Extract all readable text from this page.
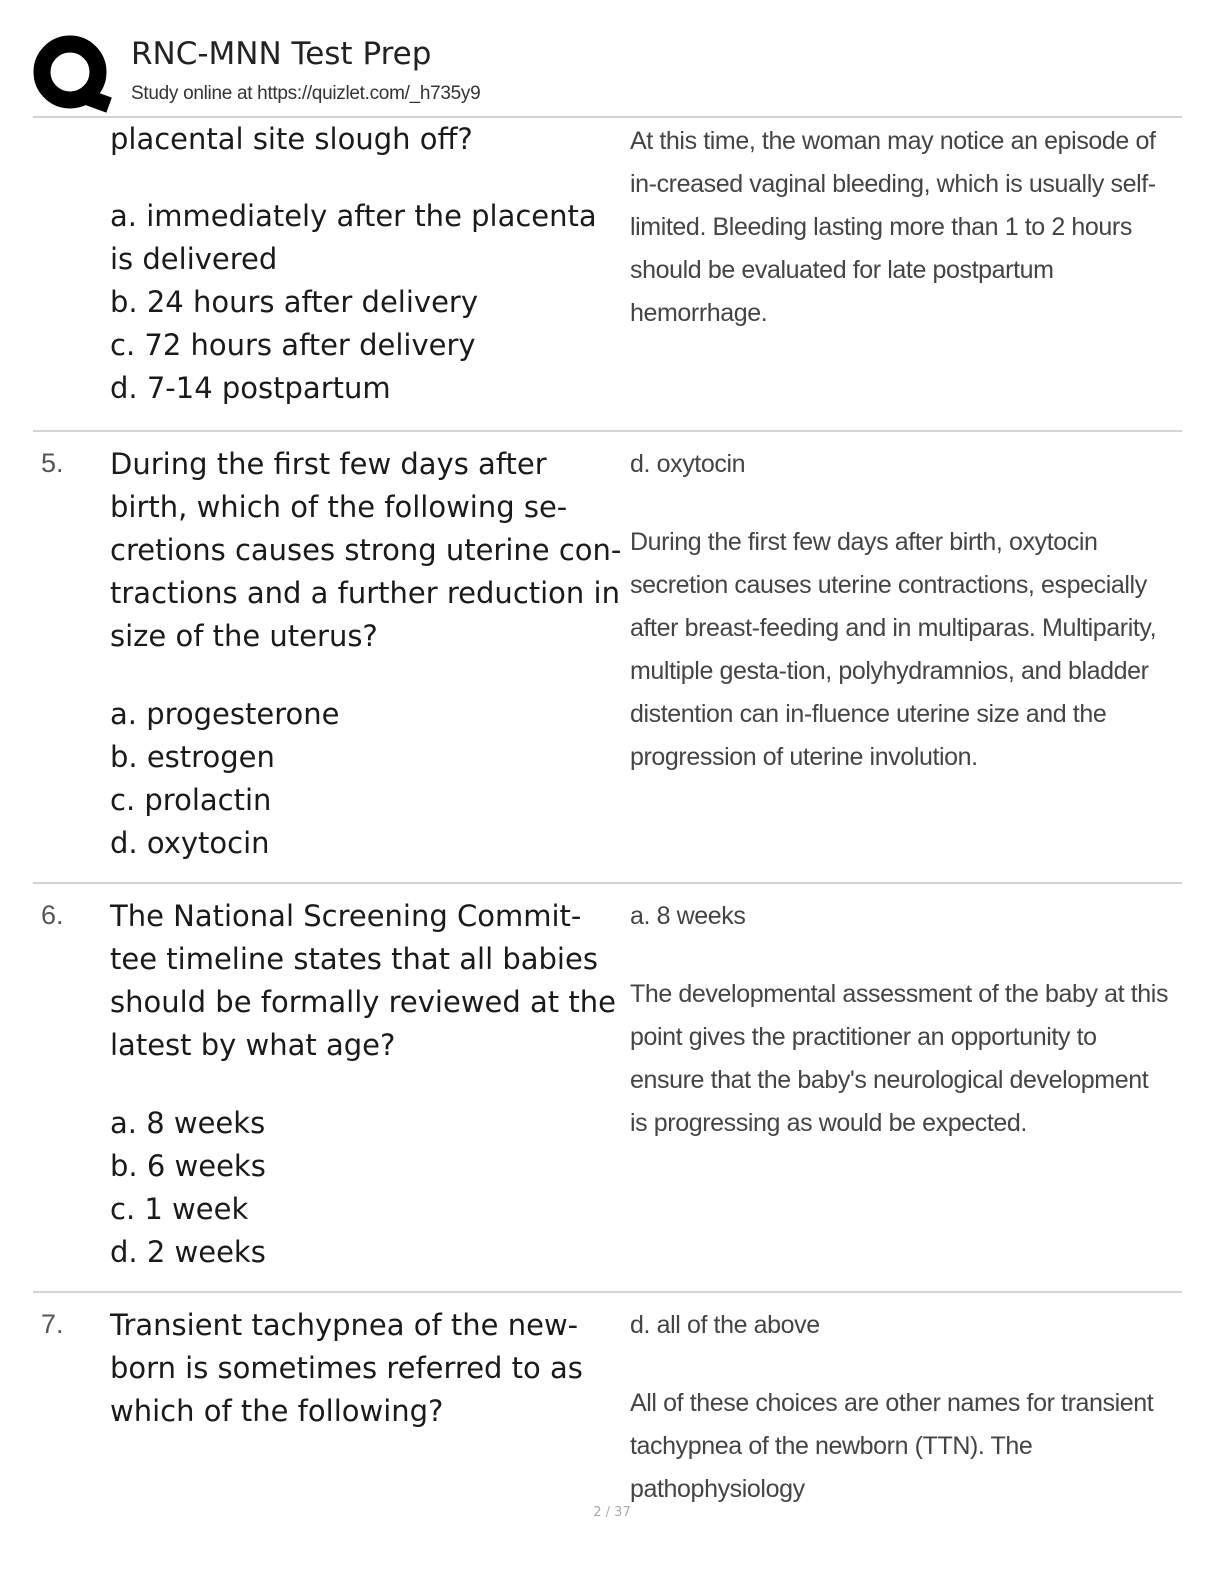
RNC-MNN Test Prep
Study online at https://quizlet.com/_h735y9

placental site slough off?

a. immediately after the placenta is delivered
b. 24 hours after delivery
c. 72 hours after delivery
d. 7-14 postpartum

At this time, the woman may notice an episode of in-creased vaginal bleeding, which is usually self-limited. Bleeding lasting more than 1 to 2 hours should be evaluated for late postpartum hemorrhage.

5. During the first few days after birth, which of the following se-cretions causes strong uterine con-tractions and a further reduction in size of the uterus?

a. progesterone
b. estrogen
c. prolactin
d. oxytocin

d. oxytocin

During the first few days after birth, oxytocin secretion causes uterine contractions, especially after breast-feeding and in multiparas. Multiparity, multiple gesta-tion, polyhydramnios, and bladder distention can in-fluence uterine size and the progression of uterine involution.

6. The National Screening Commit-tee timeline states that all babies should be formally reviewed at the latest by what age?

a. 8 weeks
b. 6 weeks
c. 1 week
d. 2 weeks

a. 8 weeks

The developmental assessment of the baby at this point gives the practitioner an opportunity to ensure that the baby's neurological development is progressing as would be expected.

7. Transient tachypnea of the new-born is sometimes referred to as which of the following?

d. all of the above

All of these choices are other names for transient tachypnea of the newborn (TTN). The pathophysiology

2 / 37
